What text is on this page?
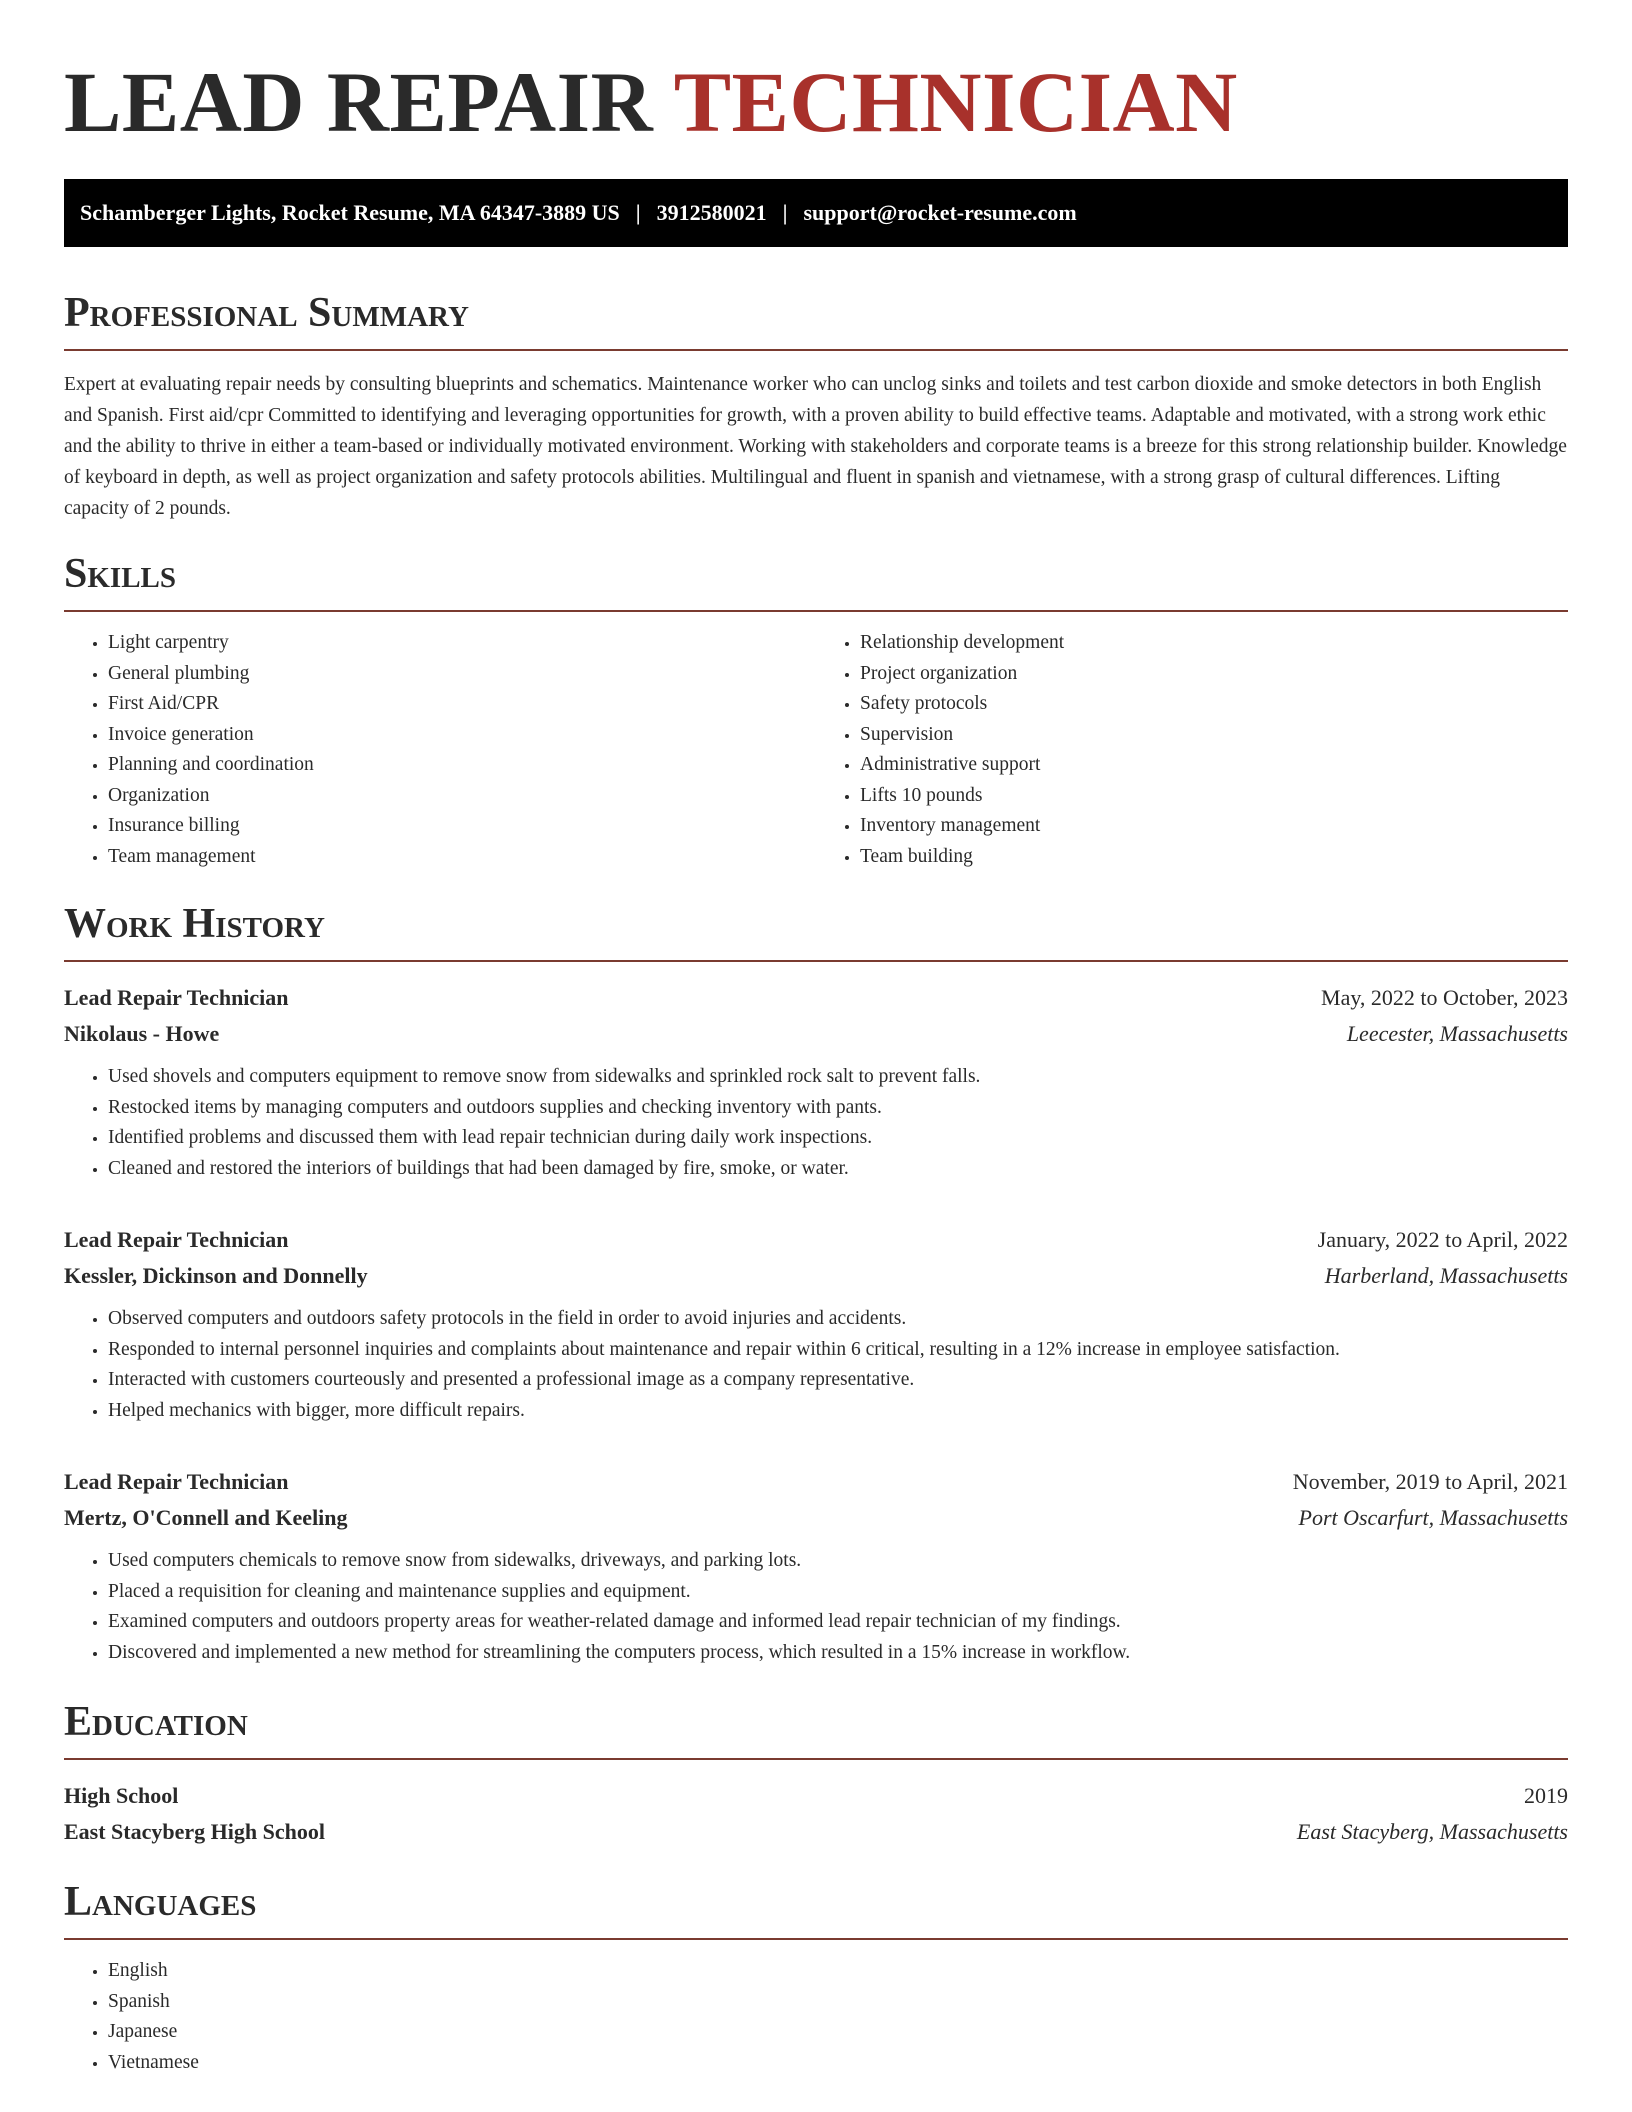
LEAD REPAIR TECHNICIAN
Schamberger Lights, Rocket Resume, MA 64347-3889 US | 3912580021 | support@rocket-resume.com
Professional Summary

Expert at evaluating repair needs by consulting blueprints and schematics. Maintenance worker who can unclog sinks and toilets and test carbon dioxide and smoke detectors in both English and Spanish. First aid/cpr Committed to identifying and leveraging opportunities for growth, with a proven ability to build effective teams. Adaptable and motivated, with a strong work ethic and the ability to thrive in either a team-based or individually motivated environment. Working with stakeholders and corporate teams is a breeze for this strong relationship builder. Knowledge of keyboard in depth, as well as project organization and safety protocols abilities. Multilingual and fluent in spanish and vietnamese, with a strong grasp of cultural differences. Lifting capacity of 2 pounds.

Skills
• Light carpentry
• General plumbing
• First Aid/CPR
• Invoice generation
• Planning and coordination
• Organization
• Insurance billing
• Team management
• Relationship development
• Project organization
• Safety protocols
• Supervision
• Administrative support
• Lifts 10 pounds
• Inventory management
• Team building
Work History
Lead Repair Technician	May, 2022 to October, 2023
Nikolaus - Howe	Leecester, Massachusetts
• Used shovels and computers equipment to remove snow from sidewalks and sprinkled rock salt to prevent falls.
• Restocked items by managing computers and outdoors supplies and checking inventory with pants.
• Identified problems and discussed them with lead repair technician during daily work inspections.
• Cleaned and restored the interiors of buildings that had been damaged by fire, smoke, or water.
Lead Repair Technician	January, 2022 to April, 2022
Kessler, Dickinson and Donnelly	Harberland, Massachusetts
• Observed computers and outdoors safety protocols in the field in order to avoid injuries and accidents.
• Responded to internal personnel inquiries and complaints about maintenance and repair within 6 critical, resulting in a 12% increase in employee satisfaction.
• Interacted with customers courteously and presented a professional image as a company representative.
• Helped mechanics with bigger, more difficult repairs.
Lead Repair Technician	November, 2019 to April, 2021
Mertz, O'Connell and Keeling	Port Oscarfurt, Massachusetts
• Used computers chemicals to remove snow from sidewalks, driveways, and parking lots.
• Placed a requisition for cleaning and maintenance supplies and equipment.
• Examined computers and outdoors property areas for weather-related damage and informed lead repair technician of my findings.
• Discovered and implemented a new method for streamlining the computers process, which resulted in a 15% increase in workflow.
Education
High School	2019
East Stacyberg High School	East Stacyberg, Massachusetts
Languages
• English
• Spanish
• Japanese
• Vietnamese
